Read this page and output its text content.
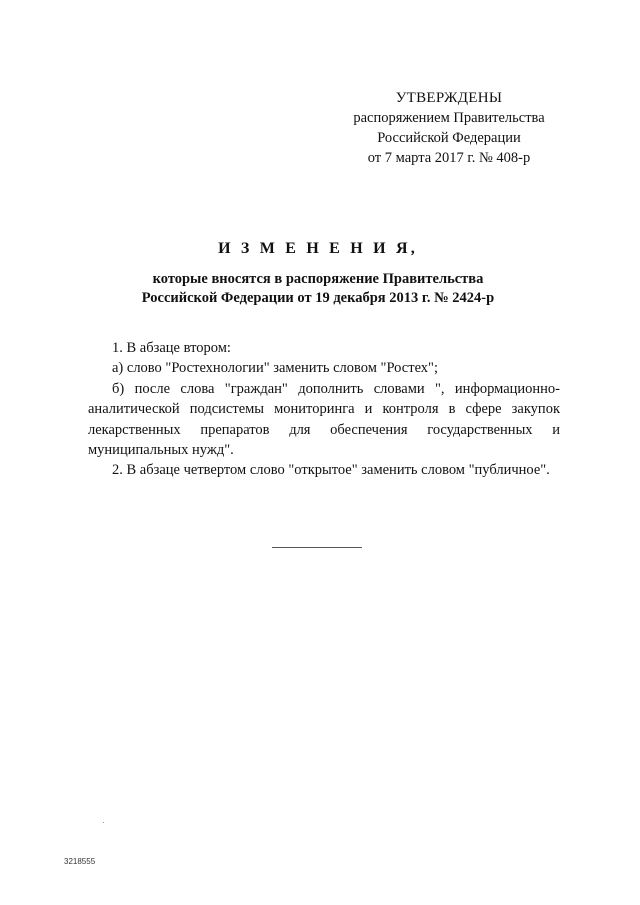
УТВЕРЖДЕНЫ
распоряжением Правительства
Российской Федерации
от 7 марта 2017 г. № 408-р
И З М Е Н Е Н И Я,
которые вносятся в распоряжение Правительства
Российской Федерации от 19 декабря 2013 г. № 2424-р

1. В абзаце втором:

а) слово "Ростехнологии" заменить словом "Ростех";

б) после слова "граждан" дополнить словами ", информационно-аналитической подсистемы мониторинга и контроля в сфере закупок лекарственных препаратов для обеспечения государственных и муниципальных нужд".

2. В абзаце четвертом слово "открытое" заменить словом "публичное".

3218555
